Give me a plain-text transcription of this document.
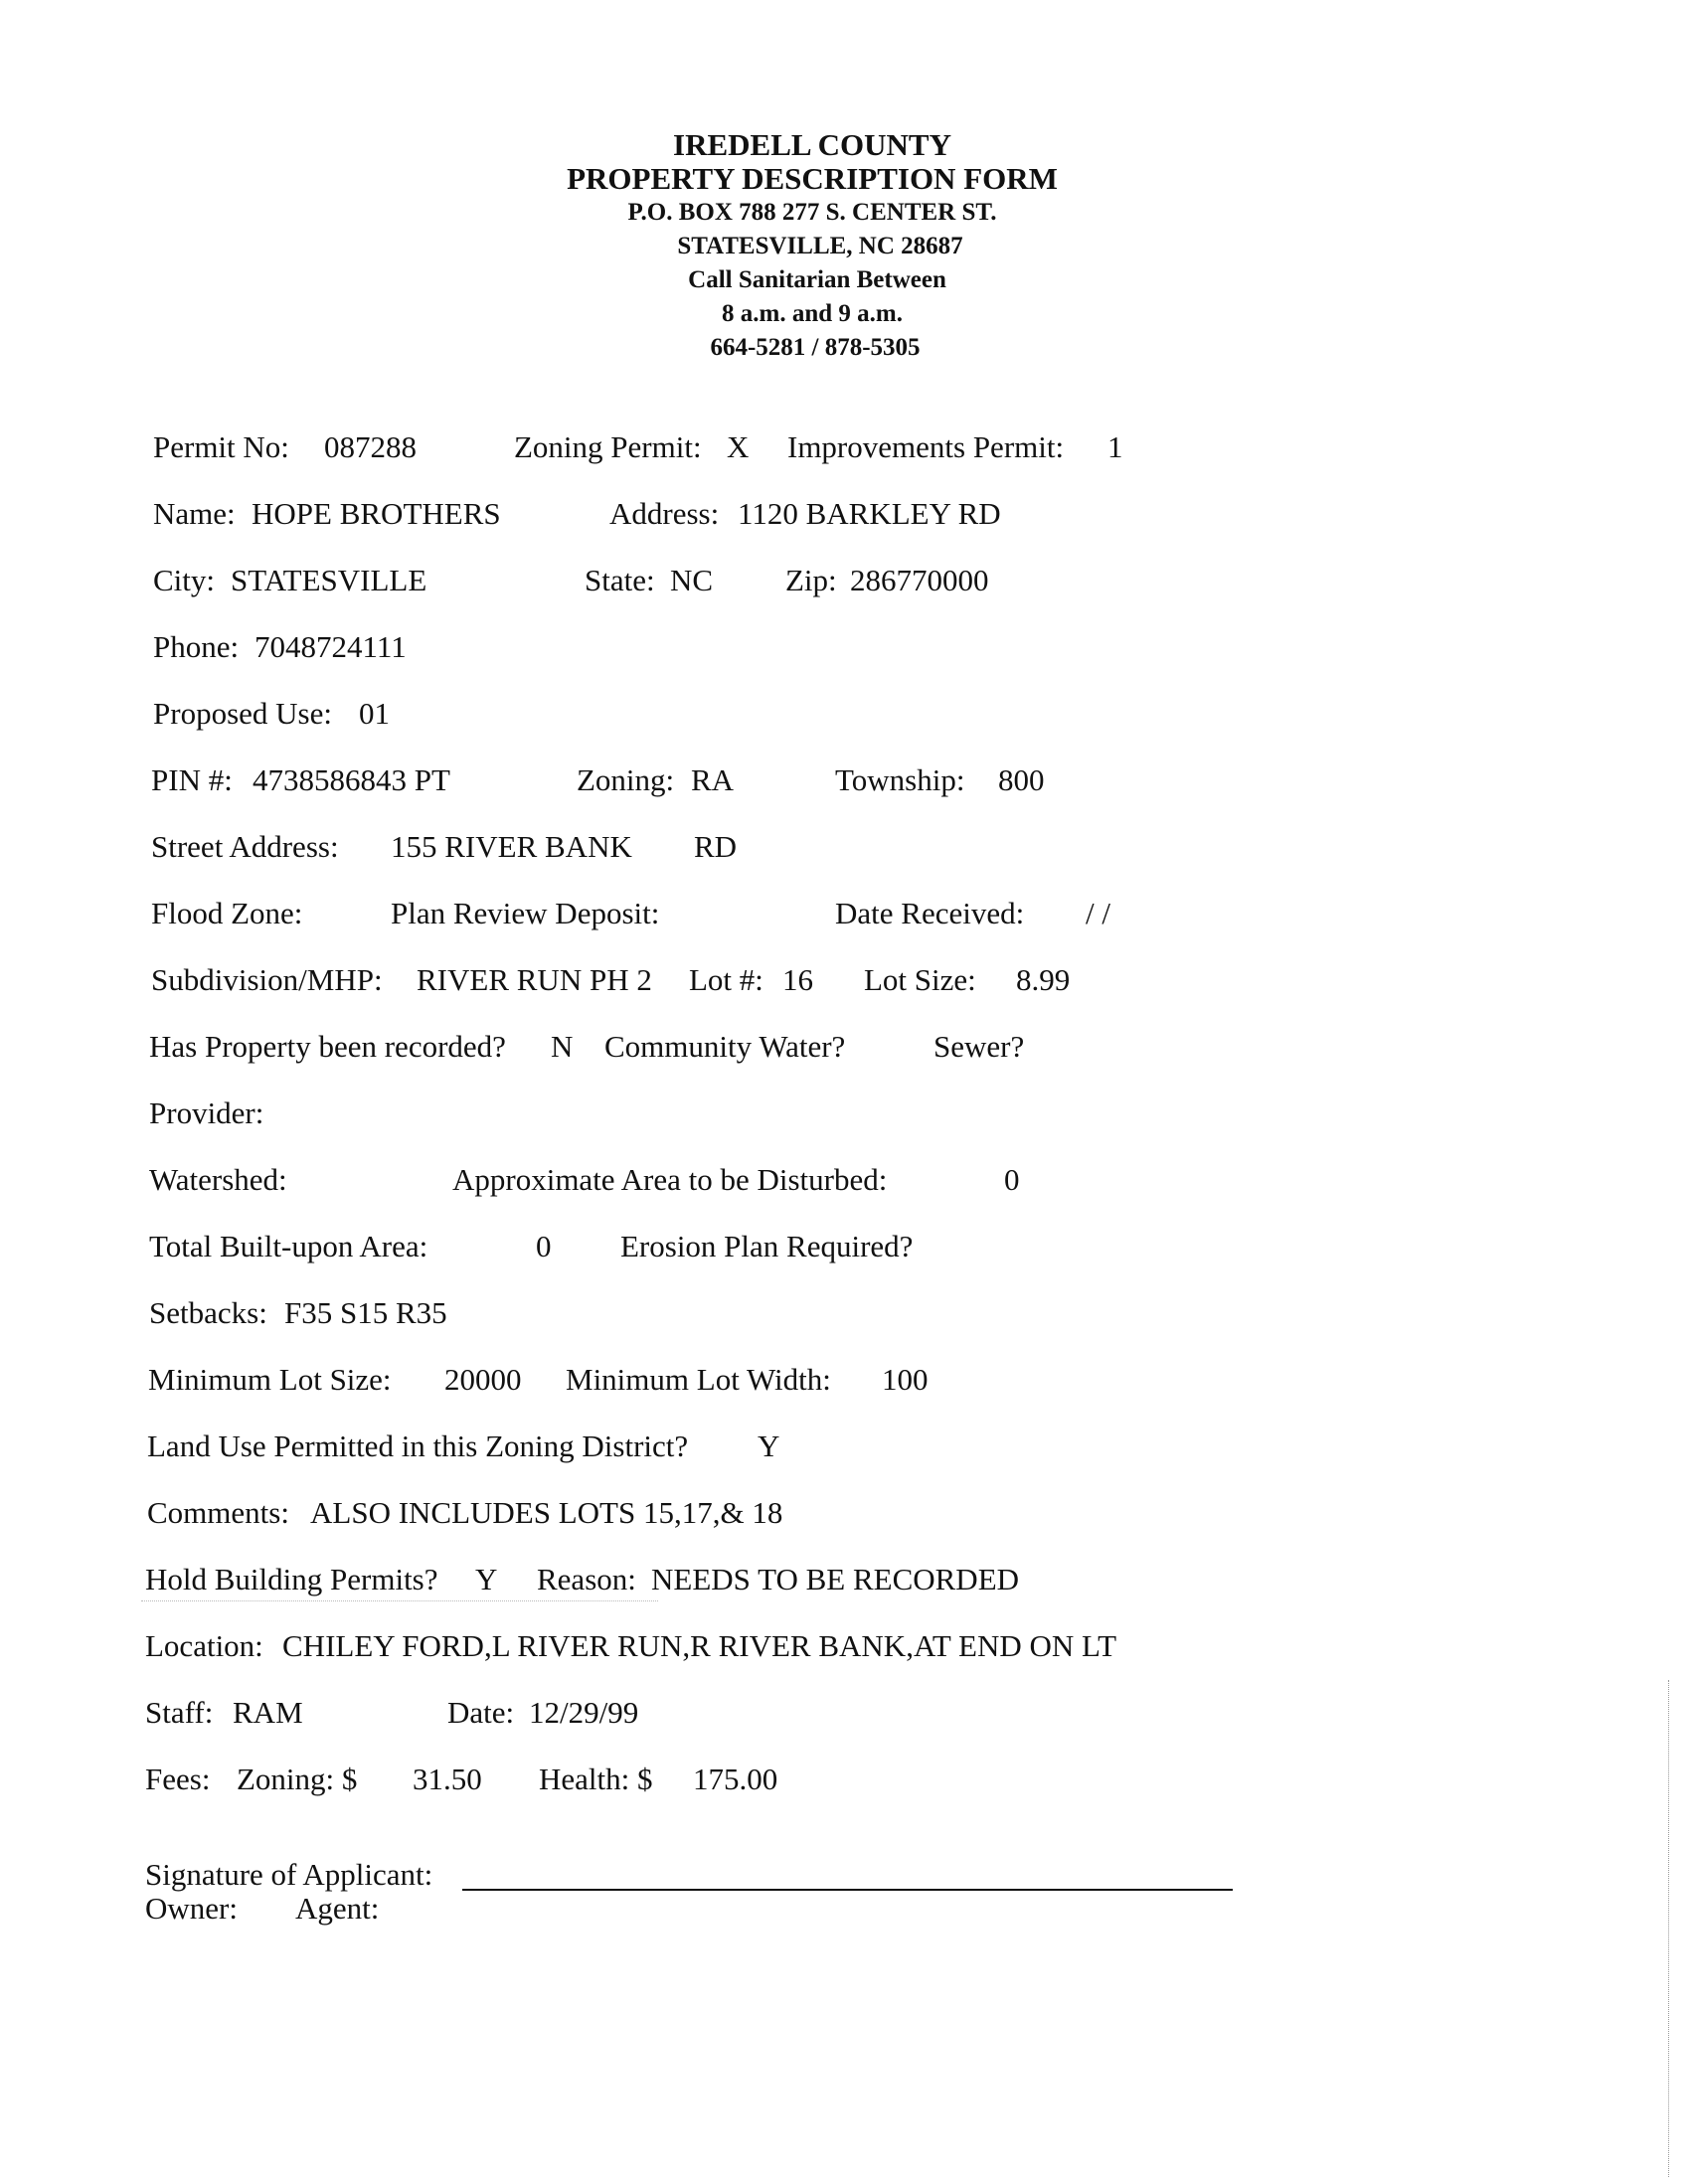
IREDELL COUNTY
PROPERTY DESCRIPTION FORM
P.O. BOX 788 277 S. CENTER ST.
STATESVILLE, NC 28687
Call Sanitarian Between
8 a.m. and 9 a.m.
664-5281 / 878-5305
Permit No: 087288	Zoning Permit: X Improvements Permit: 1
Name: HOPE BROTHERS	Address: 1120 BARKLEY RD
City: STATESVILLE	State: NC Zip: 286770000
Phone: 7048724111
Proposed Use: 01
PIN #: 4738586843 PT	Zoning: RA	Township: 800
Street Address: 155 RIVER BANK RD
Flood Zone:	Plan Review Deposit:	Date Received: / /
Subdivision/MHP: RIVER RUN PH 2 Lot #: 16 Lot Size: 8.99
Has Property been recorded? N Community Water?	Sewer?
Provider:
Watershed:	Approximate Area to be Disturbed:	0
Total Built-upon Area:	0 Erosion Plan Required?
Setbacks: F35 S15 R35
Minimum Lot Size: 20000 Minimum Lot Width: 100
Land Use Permitted in this Zoning District? Y
Comments: ALSO INCLUDES LOTS 15,17,& 18
Hold Building Permits? Y Reason: NEEDS TO BE RECORDED
Location: CHILEY FORD,L RIVER RUN,R RIVER BANK,AT END ON LT
Staff: RAM	Date: 12/29/99
Fees: Zoning: $ 31.50 Health: $ 175.00
Signature of Applicant:
Owner: Agent:
